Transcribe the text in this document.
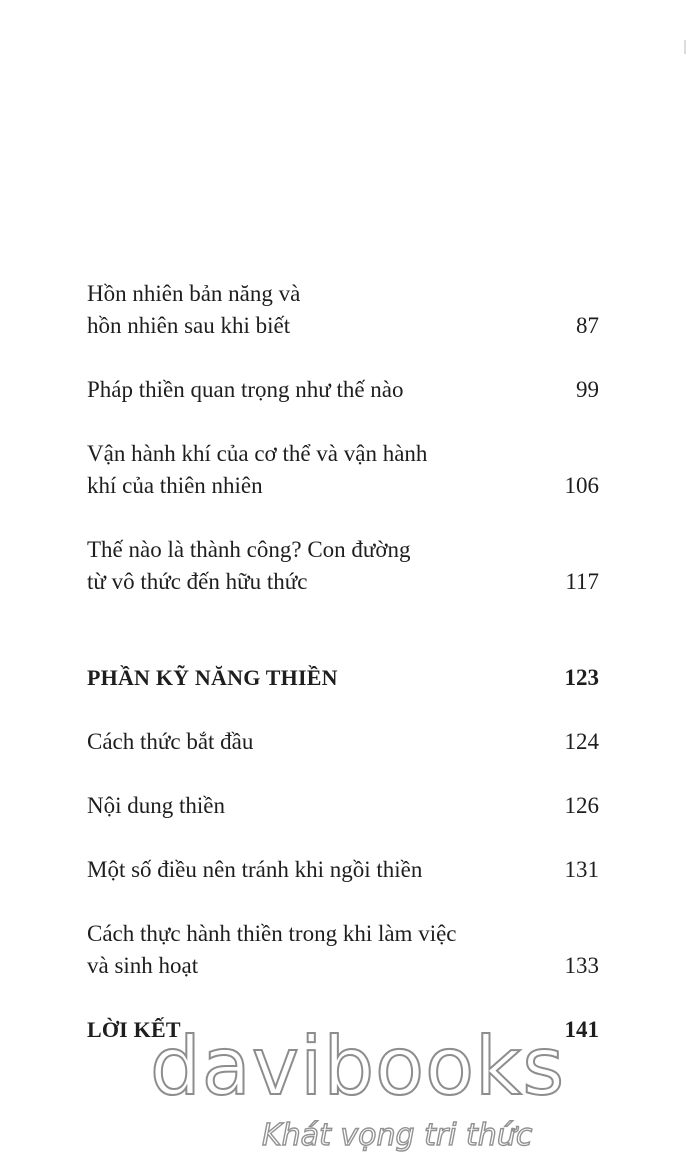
Hồn nhiên bản năng và
hồn nhiên sau khi biết	87
Pháp thiền quan trọng như thế nào	99
Vận hành khí của cơ thể và vận hành
khí của thiên nhiên	106
Thế nào là thành công? Con đường
từ vô thức đến hữu thức	117
PHẦN KỸ NĂNG THIỀN	123
Cách thức bắt đầu	124
Nội dung thiền	126
Một số điều nên tránh khi ngồi thiền	131
Cách thực hành thiền trong khi làm việc
và sinh hoạt	133
LỜI KẾT	141
davibooks
Khát vọng tri thức
